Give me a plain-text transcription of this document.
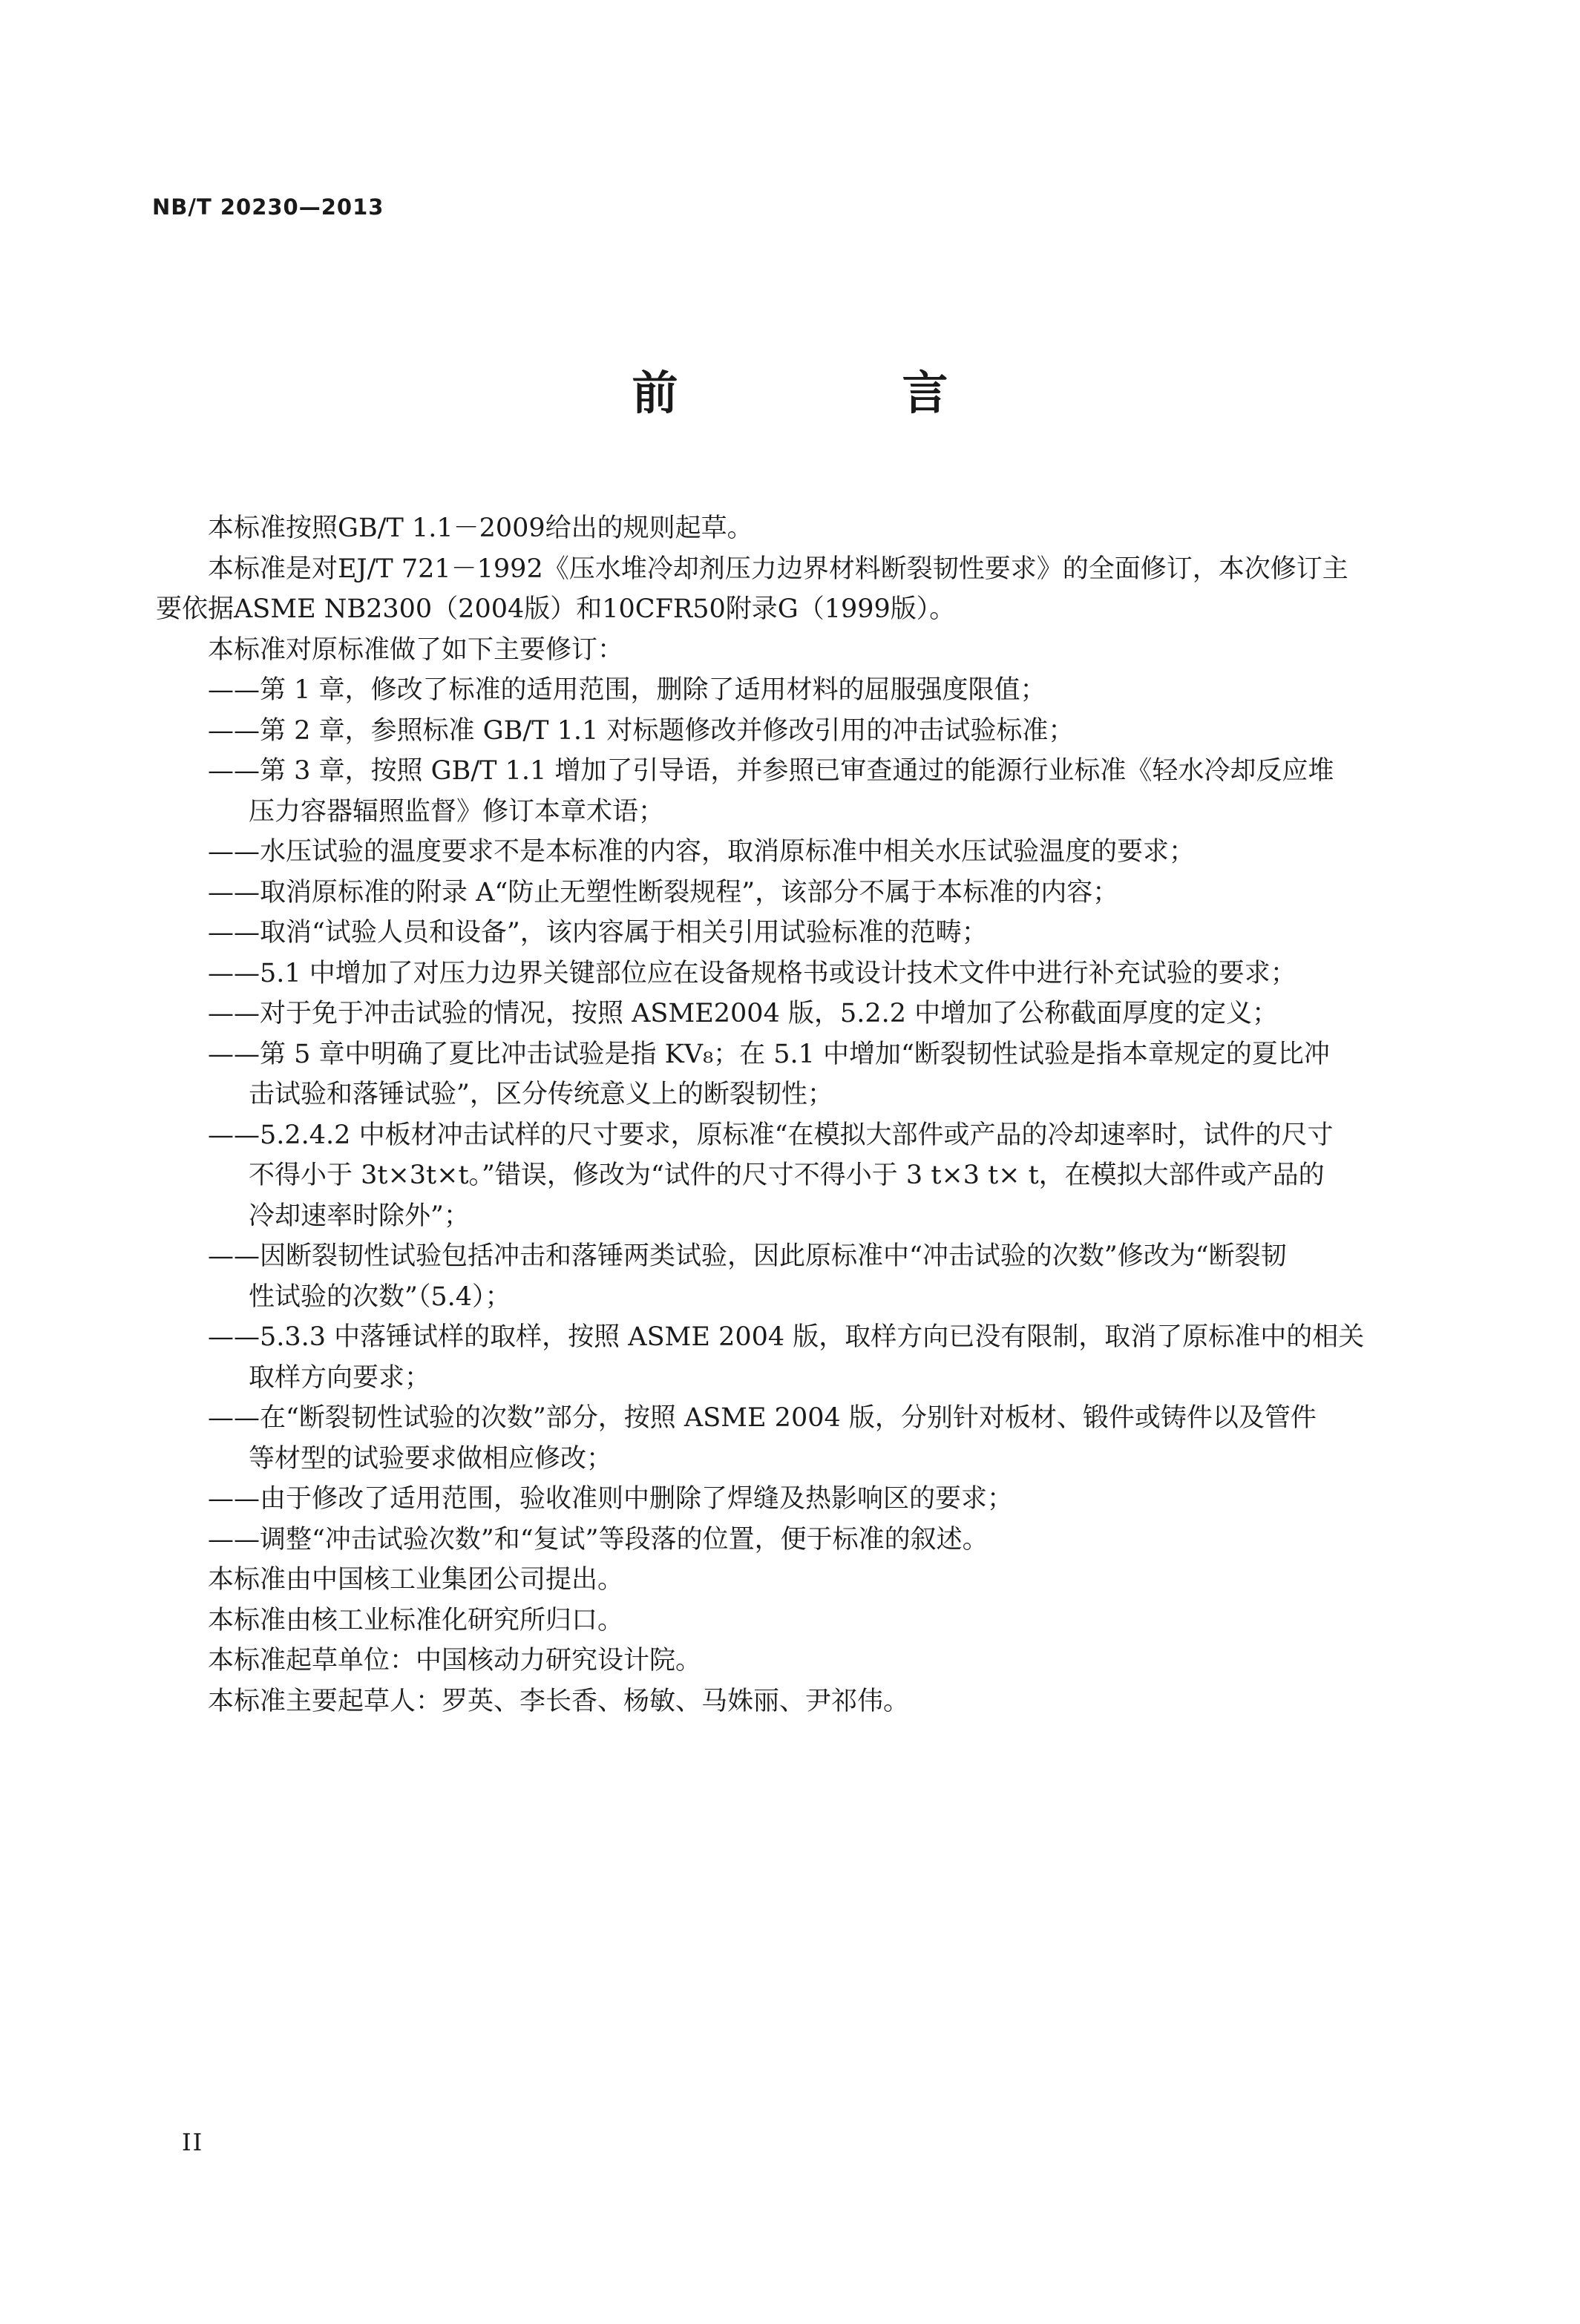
NB/T 20230—2013
前　言

本标准按照GB/T 1.1－2009给出的规则起草。

本标准是对EJ/T 721－1992《压水堆冷却剂压力边界材料断裂韧性要求》的全面修订，本次修订主

要依据ASME NB2300（2004版）和10CFR50附录G（1999版）。

本标准对原标准做了如下主要修订：

——第 1 章，修改了标准的适用范围，删除了适用材料的屈服强度限值；

——第 2 章，参照标准 GB/T 1.1 对标题修改并修改引用的冲击试验标准；

——第 3 章，按照 GB/T 1.1 增加了引导语，并参照已审查通过的能源行业标准《轻水冷却反应堆

压力容器辐照监督》修订本章术语；

——水压试验的温度要求不是本标准的内容，取消原标准中相关水压试验温度的要求；

——取消原标准的附录 A“防止无塑性断裂规程”，该部分不属于本标准的内容；

——取消“试验人员和设备”，该内容属于相关引用试验标准的范畴；

——5.1 中增加了对压力边界关键部位应在设备规格书或设计技术文件中进行补充试验的要求；

——对于免于冲击试验的情况，按照 ASME2004 版，5.2.2 中增加了公称截面厚度的定义；

——第 5 章中明确了夏比冲击试验是指 KV₈；在 5.1 中增加“断裂韧性试验是指本章规定的夏比冲

击试验和落锤试验”，区分传统意义上的断裂韧性；

——5.2.4.2 中板材冲击试样的尺寸要求，原标准“在模拟大部件或产品的冷却速率时，试件的尺寸

不得小于 3t×3t×t。”错误，修改为“试件的尺寸不得小于 3 t×3 t× t，在模拟大部件或产品的

冷却速率时除外”；

——因断裂韧性试验包括冲击和落锤两类试验，因此原标准中“冲击试验的次数”修改为“断裂韧

性试验的次数”（5.4）；

——5.3.3 中落锤试样的取样，按照 ASME 2004 版，取样方向已没有限制，取消了原标准中的相关

取样方向要求；

——在“断裂韧性试验的次数”部分，按照 ASME 2004 版，分别针对板材、锻件或铸件以及管件

等材型的试验要求做相应修改；

——由于修改了适用范围，验收准则中删除了焊缝及热影响区的要求；

——调整“冲击试验次数”和“复试”等段落的位置，便于标准的叙述。

本标准由中国核工业集团公司提出。

本标准由核工业标准化研究所归口。

本标准起草单位：中国核动力研究设计院。

本标准主要起草人：罗英、李长香、杨敏、马姝丽、尹祁伟。

II
